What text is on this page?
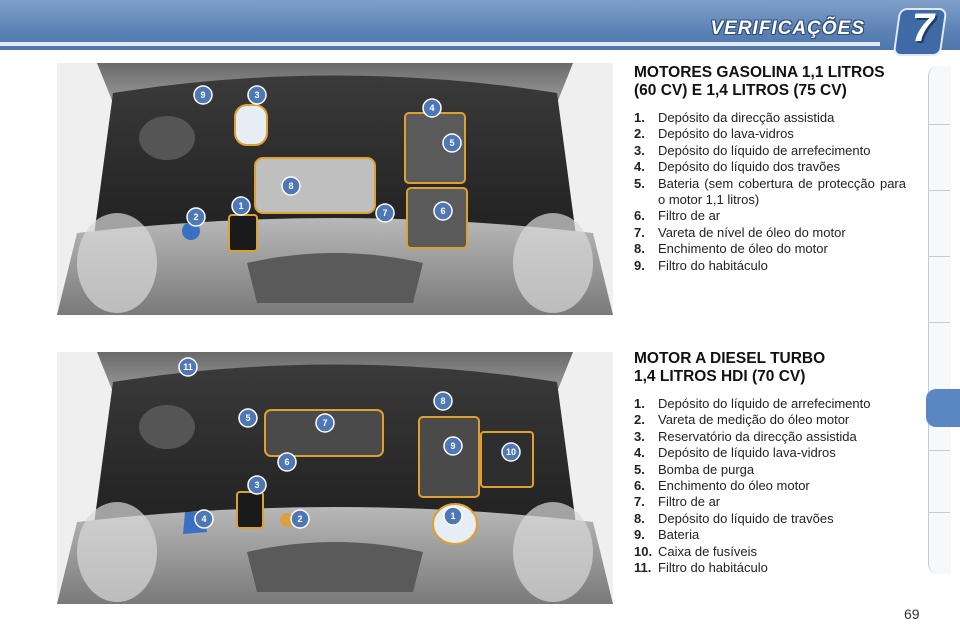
VERIFICAÇÕES 7
9	3
4
5
8
2
1
7	6
11
5	7
8
9
10
6
3
4	2	1
MOTORES GASOLINA 1,1 LITROS
(60 CV) E 1,4 LITROS (75 CV)
1.	Depósito da direcção assistida
2.	Depósito do lava-vidros
3.	Depósito do líquido de arrefecimento
4.	Depósito do líquido dos travões
5.	Bateria (sem cobertura de protecção para o motor 1,1 litros)
6.	Filtro de ar
7.	Vareta de nível de óleo do motor
8.	Enchimento de óleo do motor
9.	Filtro do habitáculo
MOTOR A DIESEL TURBO
1,4 LITROS HDI (70 CV)
1.	Depósito do líquido de arrefecimento
2.	Vareta de medição do óleo motor
3.	Reservatório da direcção assistida
4.	Depósito de líquido lava-vidros
5.	Bomba de purga
6.	Enchimento do óleo motor
7.	Filtro de ar
8.	Depósito do líquido de travões
9.	Bateria
10. Caixa de fusíveis
11. Filtro do habitáculo
69
